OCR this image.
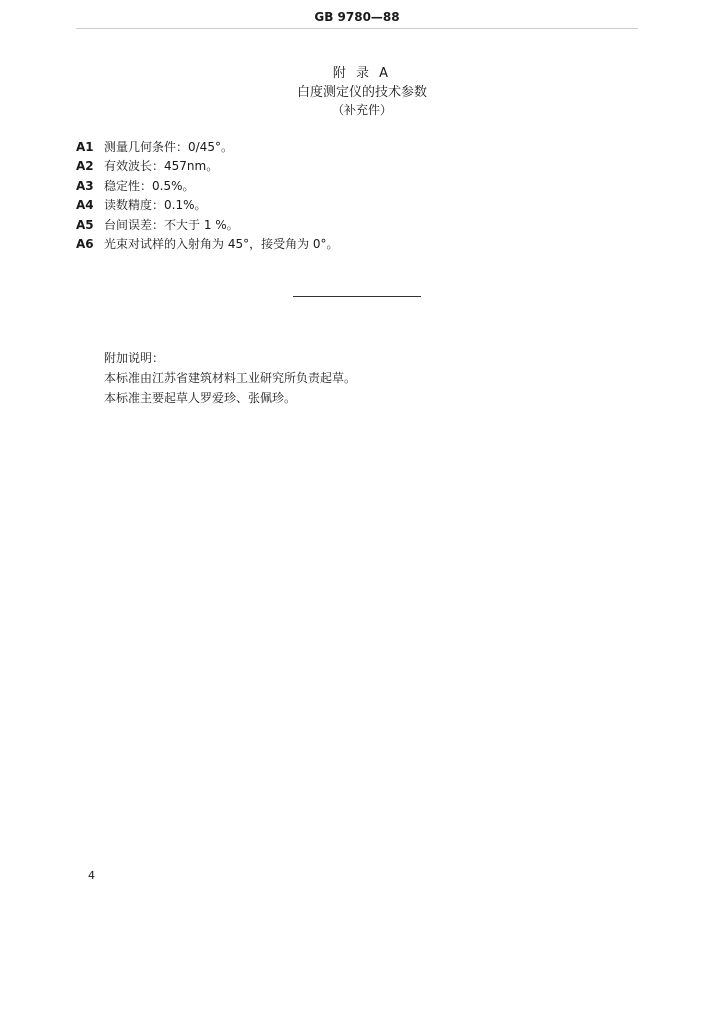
GB 9780—88
附 录 A
白度测定仪的技术参数
（补充件）
A1 测量几何条件：0/45°。
A2 有效波长：457nm。
A3 稳定性：0.5%。
A4 读数精度：0.1%。
A5 台间误差：不大于 1 %。
A6 光束对试样的入射角为 45°，接受角为 0°。
附加说明：
本标准由江苏省建筑材料工业研究所负责起草。
本标准主要起草人罗爱珍、张佩珍。
4
